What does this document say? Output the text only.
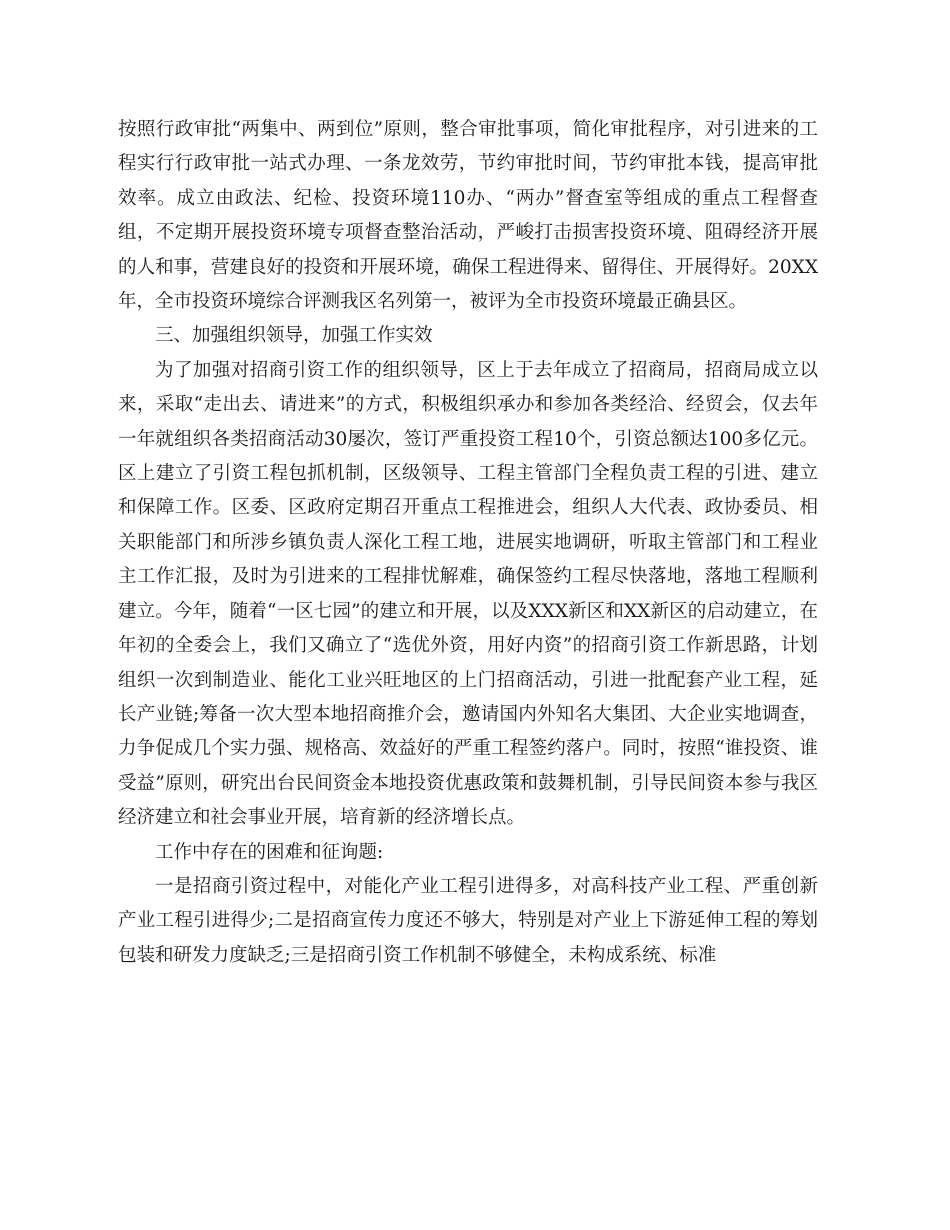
按照行政审批“两集中、两到位”原则，整合审批事项，简化审批程序，对引进来的工程实行行政审批一站式办理、一条龙效劳，节约审批时间，节约审批本钱，提高审批效率。成立由政法、纪检、投资环境110办、“两办”督查室等组成的重点工程督查组，不定期开展投资环境专项督查整治活动，严峻打击损害投资环境、阻碍经济开展的人和事，营建良好的投资和开展环境，确保工程进得来、留得住、开展得好。20XX年，全市投资环境综合评测我区名列第一，被评为全市投资环境最正确县区。

三、加强组织领导，加强工作实效

为了加强对招商引资工作的组织领导，区上于去年成立了招商局，招商局成立以来，采取“走出去、请进来”的方式，积极组织承办和参加各类经洽、经贸会，仅去年一年就组织各类招商活动30屡次，签订严重投资工程10个，引资总额达100多亿元。区上建立了引资工程包抓机制，区级领导、工程主管部门全程负责工程的引进、建立和保障工作。区委、区政府定期召开重点工程推进会，组织人大代表、政协委员、相关职能部门和所涉乡镇负责人深化工程工地，进展实地调研，听取主管部门和工程业主工作汇报，及时为引进来的工程排忧解难，确保签约工程尽快落地，落地工程顺利建立。今年，随着“一区七园”的建立和开展，以及XXX新区和XX新区的启动建立，在年初的全委会上，我们又确立了“选优外资，用好内资”的招商引资工作新思路，计划组织一次到制造业、能化工业兴旺地区的上门招商活动，引进一批配套产业工程，延长产业链;筹备一次大型本地招商推介会，邀请国内外知名大集团、大企业实地调查，力争促成几个实力强、规格高、效益好的严重工程签约落户。同时，按照“谁投资、谁受益”原则，研究出台民间资金本地投资优惠政策和鼓舞机制，引导民间资本参与我区经济建立和社会事业开展，培育新的经济增长点。

工作中存在的困难和征询题:

一是招商引资过程中，对能化产业工程引进得多，对高科技产业工程、严重创新产业工程引进得少;二是招商宣传力度还不够大，特别是对产业上下游延伸工程的筹划包装和研发力度缺乏;三是招商引资工作机制不够健全，未构成系统、标准
